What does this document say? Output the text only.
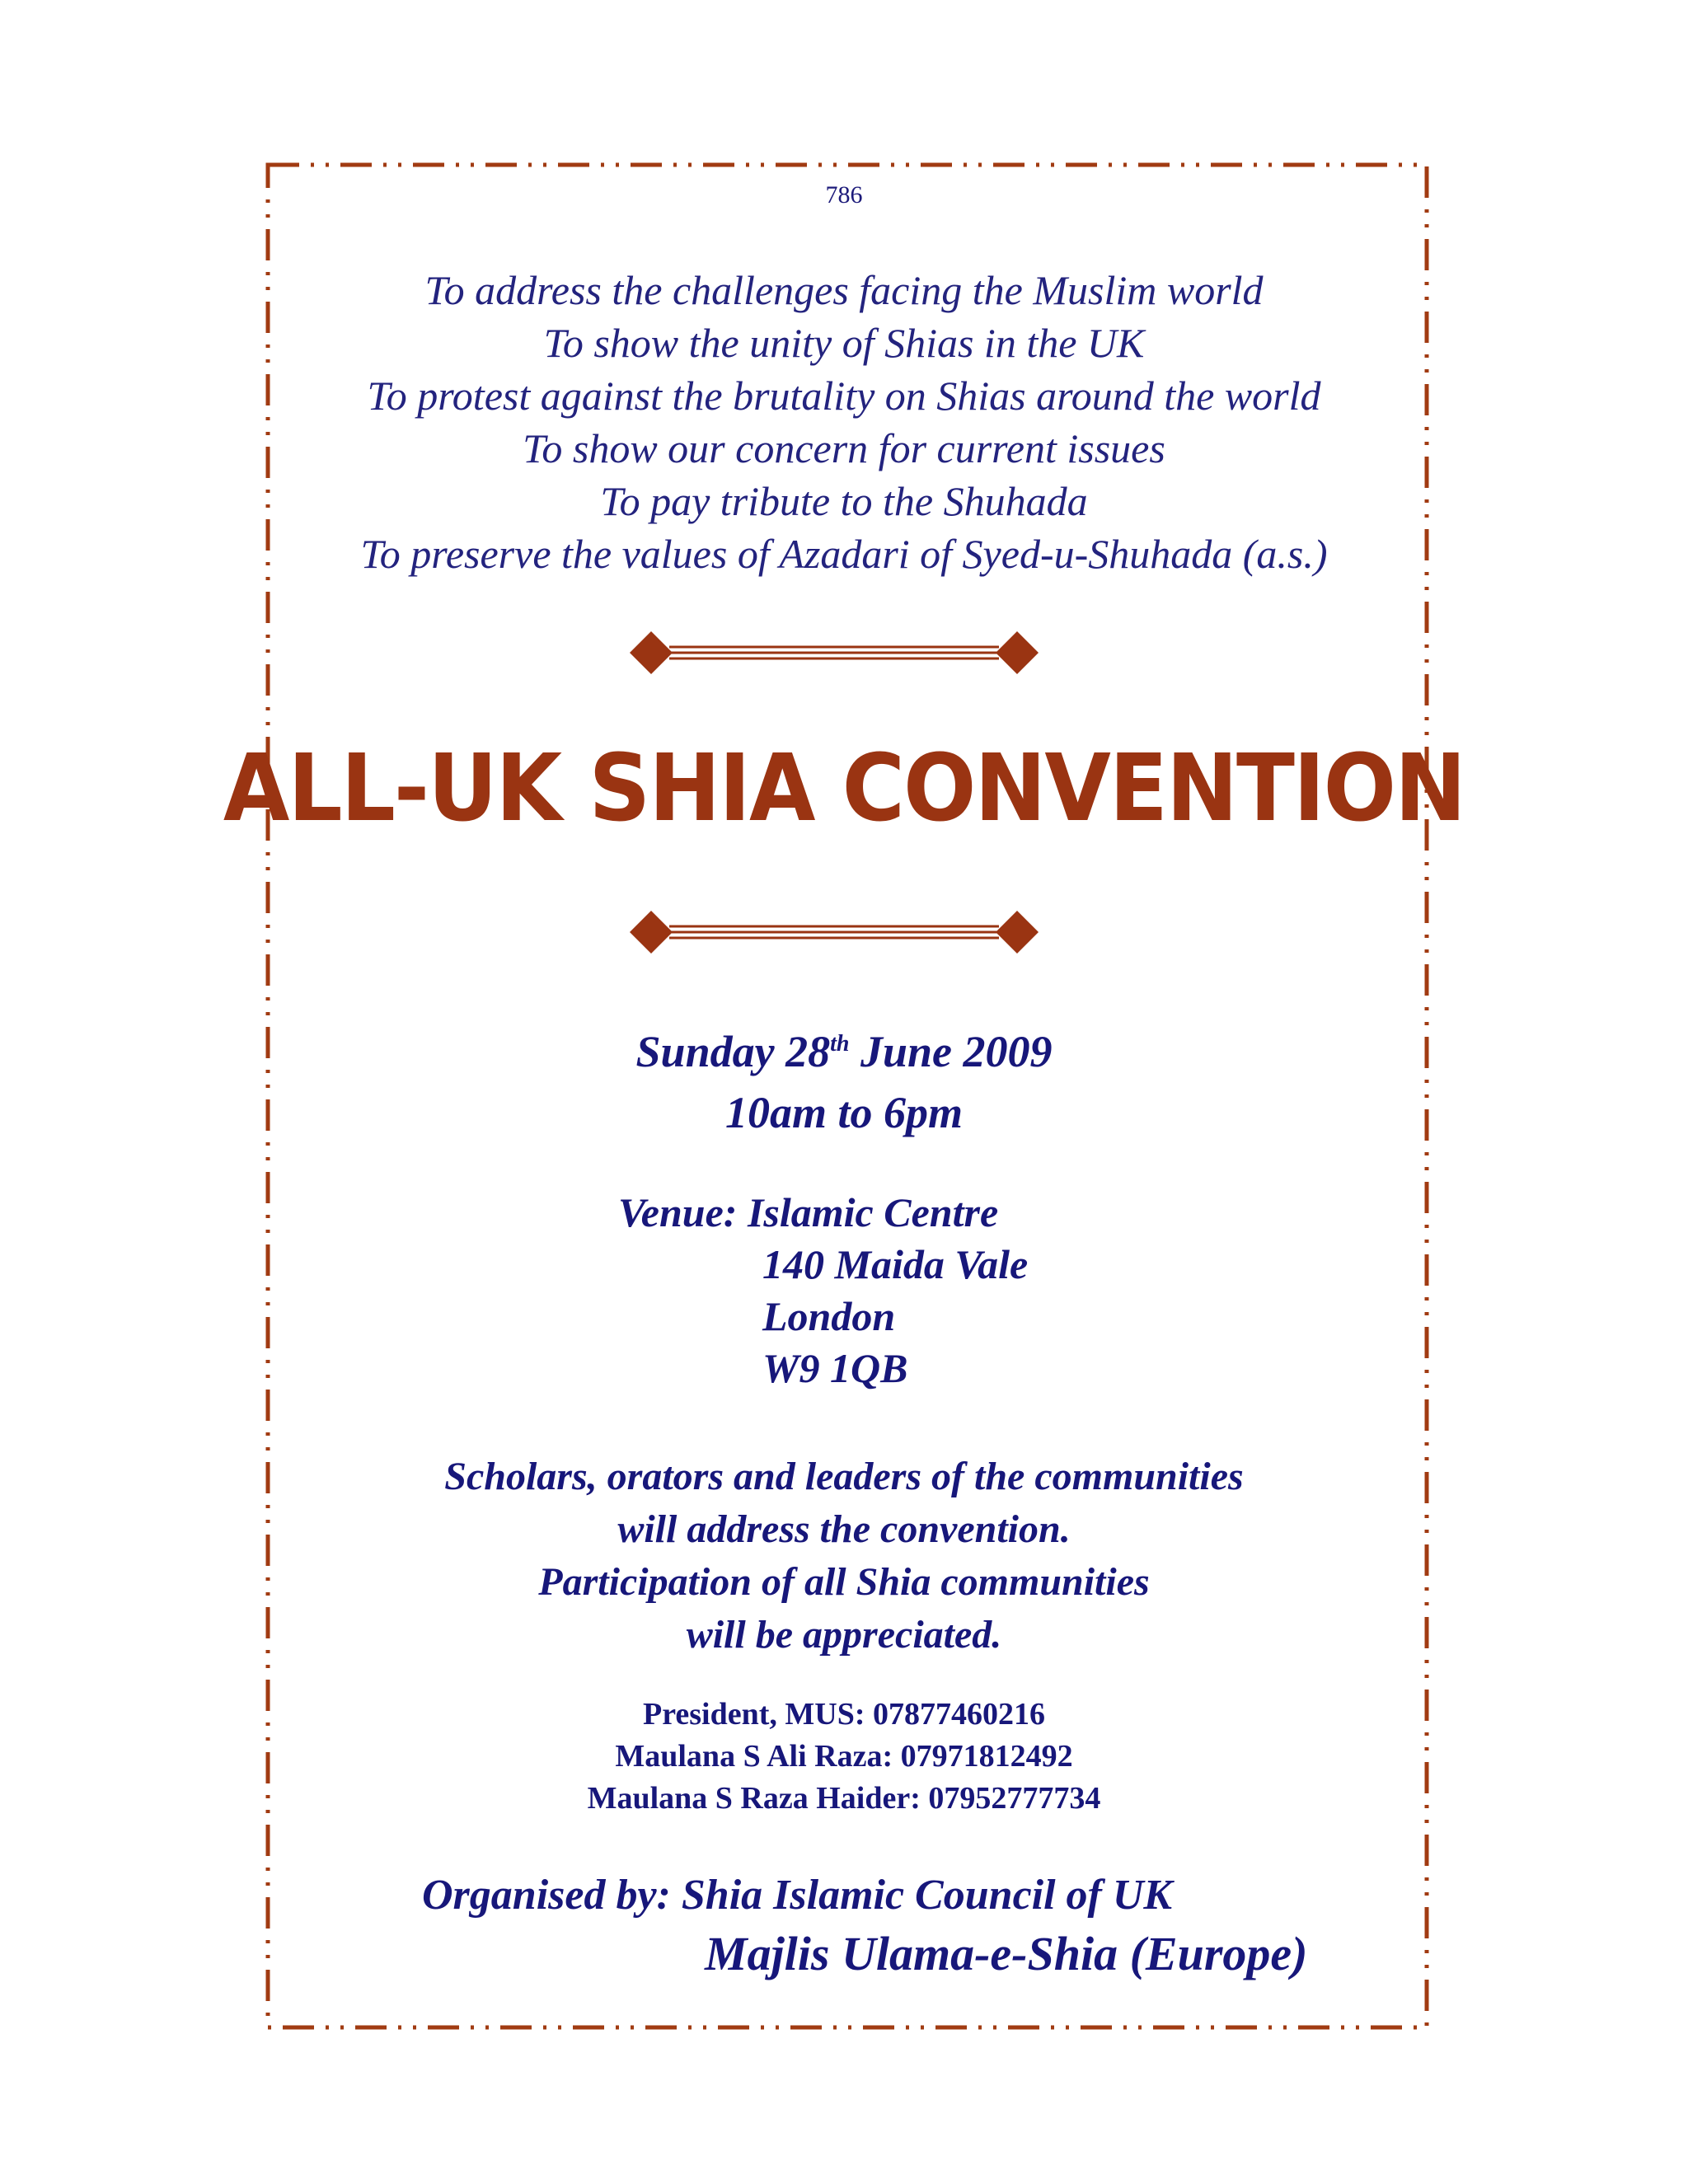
786
To address the challenges facing the Muslim world
To show the unity of Shias in the UK
To protest against the brutality on Shias around the world
To show our concern for current issues
To pay tribute to the Shuhada
To preserve the values of Azadari of Syed-u-Shuhada (a.s.)
ALL-UK SHIA CONVENTION
Sunday 28th June 2009
10am to 6pm
Venue: Islamic Centre
140 Maida Vale
London
W9 1QB
Scholars, orators and leaders of the communities
will address the convention.
Participation of all Shia communities
will be appreciated.
President, MUS: 07877460216
Maulana S Ali Raza: 07971812492
Maulana S Raza Haider: 07952777734
Organised by: Shia Islamic Council of UK
Majlis Ulama-e-Shia (Europe)
